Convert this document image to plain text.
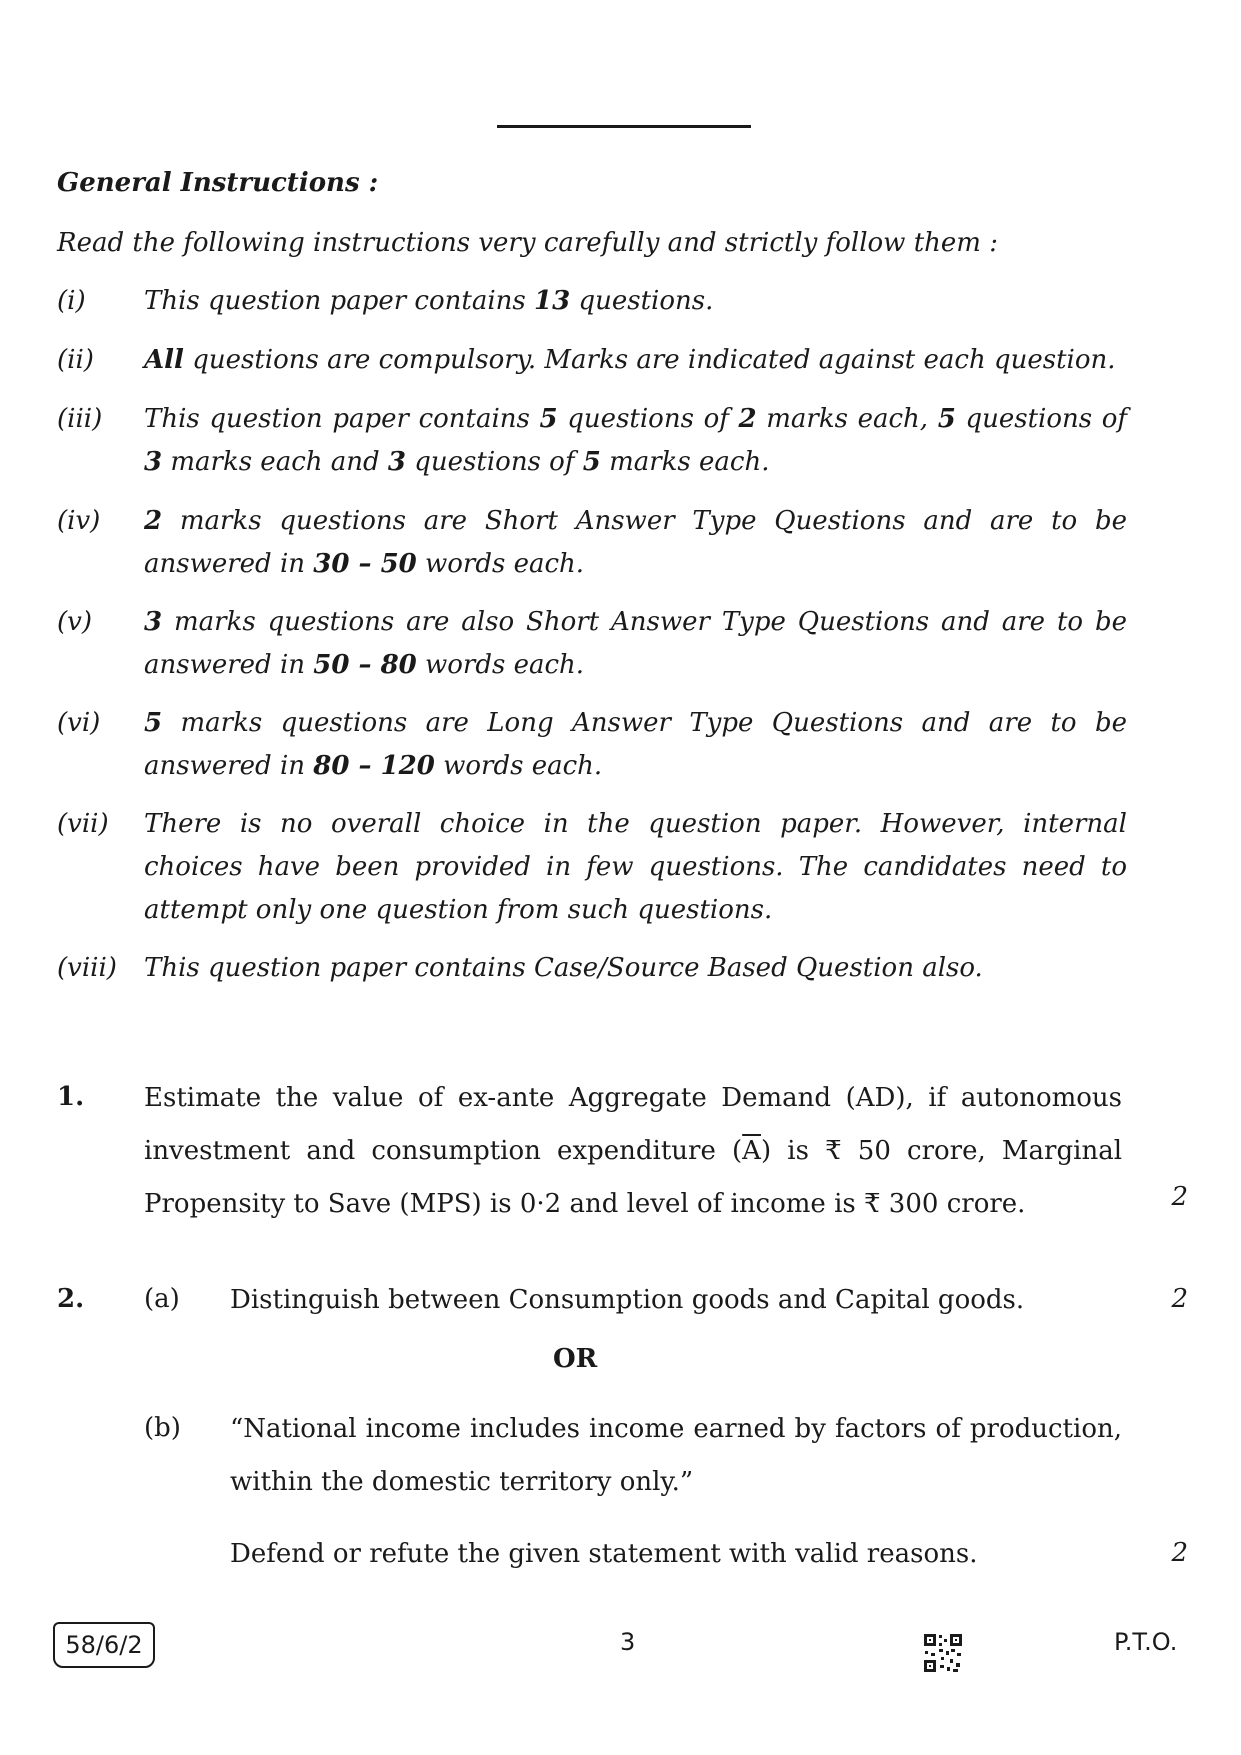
General Instructions :
Read the following instructions very carefully and strictly follow them :
(i) This question paper contains 13 questions.
(ii) All questions are compulsory. Marks are indicated against each question.
(iii) This question paper contains 5 questions of 2 marks each, 5 questions of 3 marks each and 3 questions of 5 marks each.
(iv) 2 marks questions are Short Answer Type Questions and are to be answered in 30 – 50 words each.
(v) 3 marks questions are also Short Answer Type Questions and are to be answered in 50 – 80 words each.
(vi) 5 marks questions are Long Answer Type Questions and are to be answered in 80 – 120 words each.
(vii) There is no overall choice in the question paper. However, internal choices have been provided in few questions. The candidates need to attempt only one question from such questions.
(viii) This question paper contains Case/Source Based Question also.
1. Estimate the value of ex-ante Aggregate Demand (AD), if autonomous investment and consumption expenditure $(\overline{A})$ is ₹ 50 crore, Marginal Propensity to Save (MPS) is 0·2 and level of income is ₹ 300 crore.	2
2. (a) Distinguish between Consumption goods and Capital goods.	2
OR
(b) “National income includes income earned by factors of production, within the domestic territory only.”
Defend or refute the given statement with valid reasons.	2
58/6/2	3	P.T.O.
